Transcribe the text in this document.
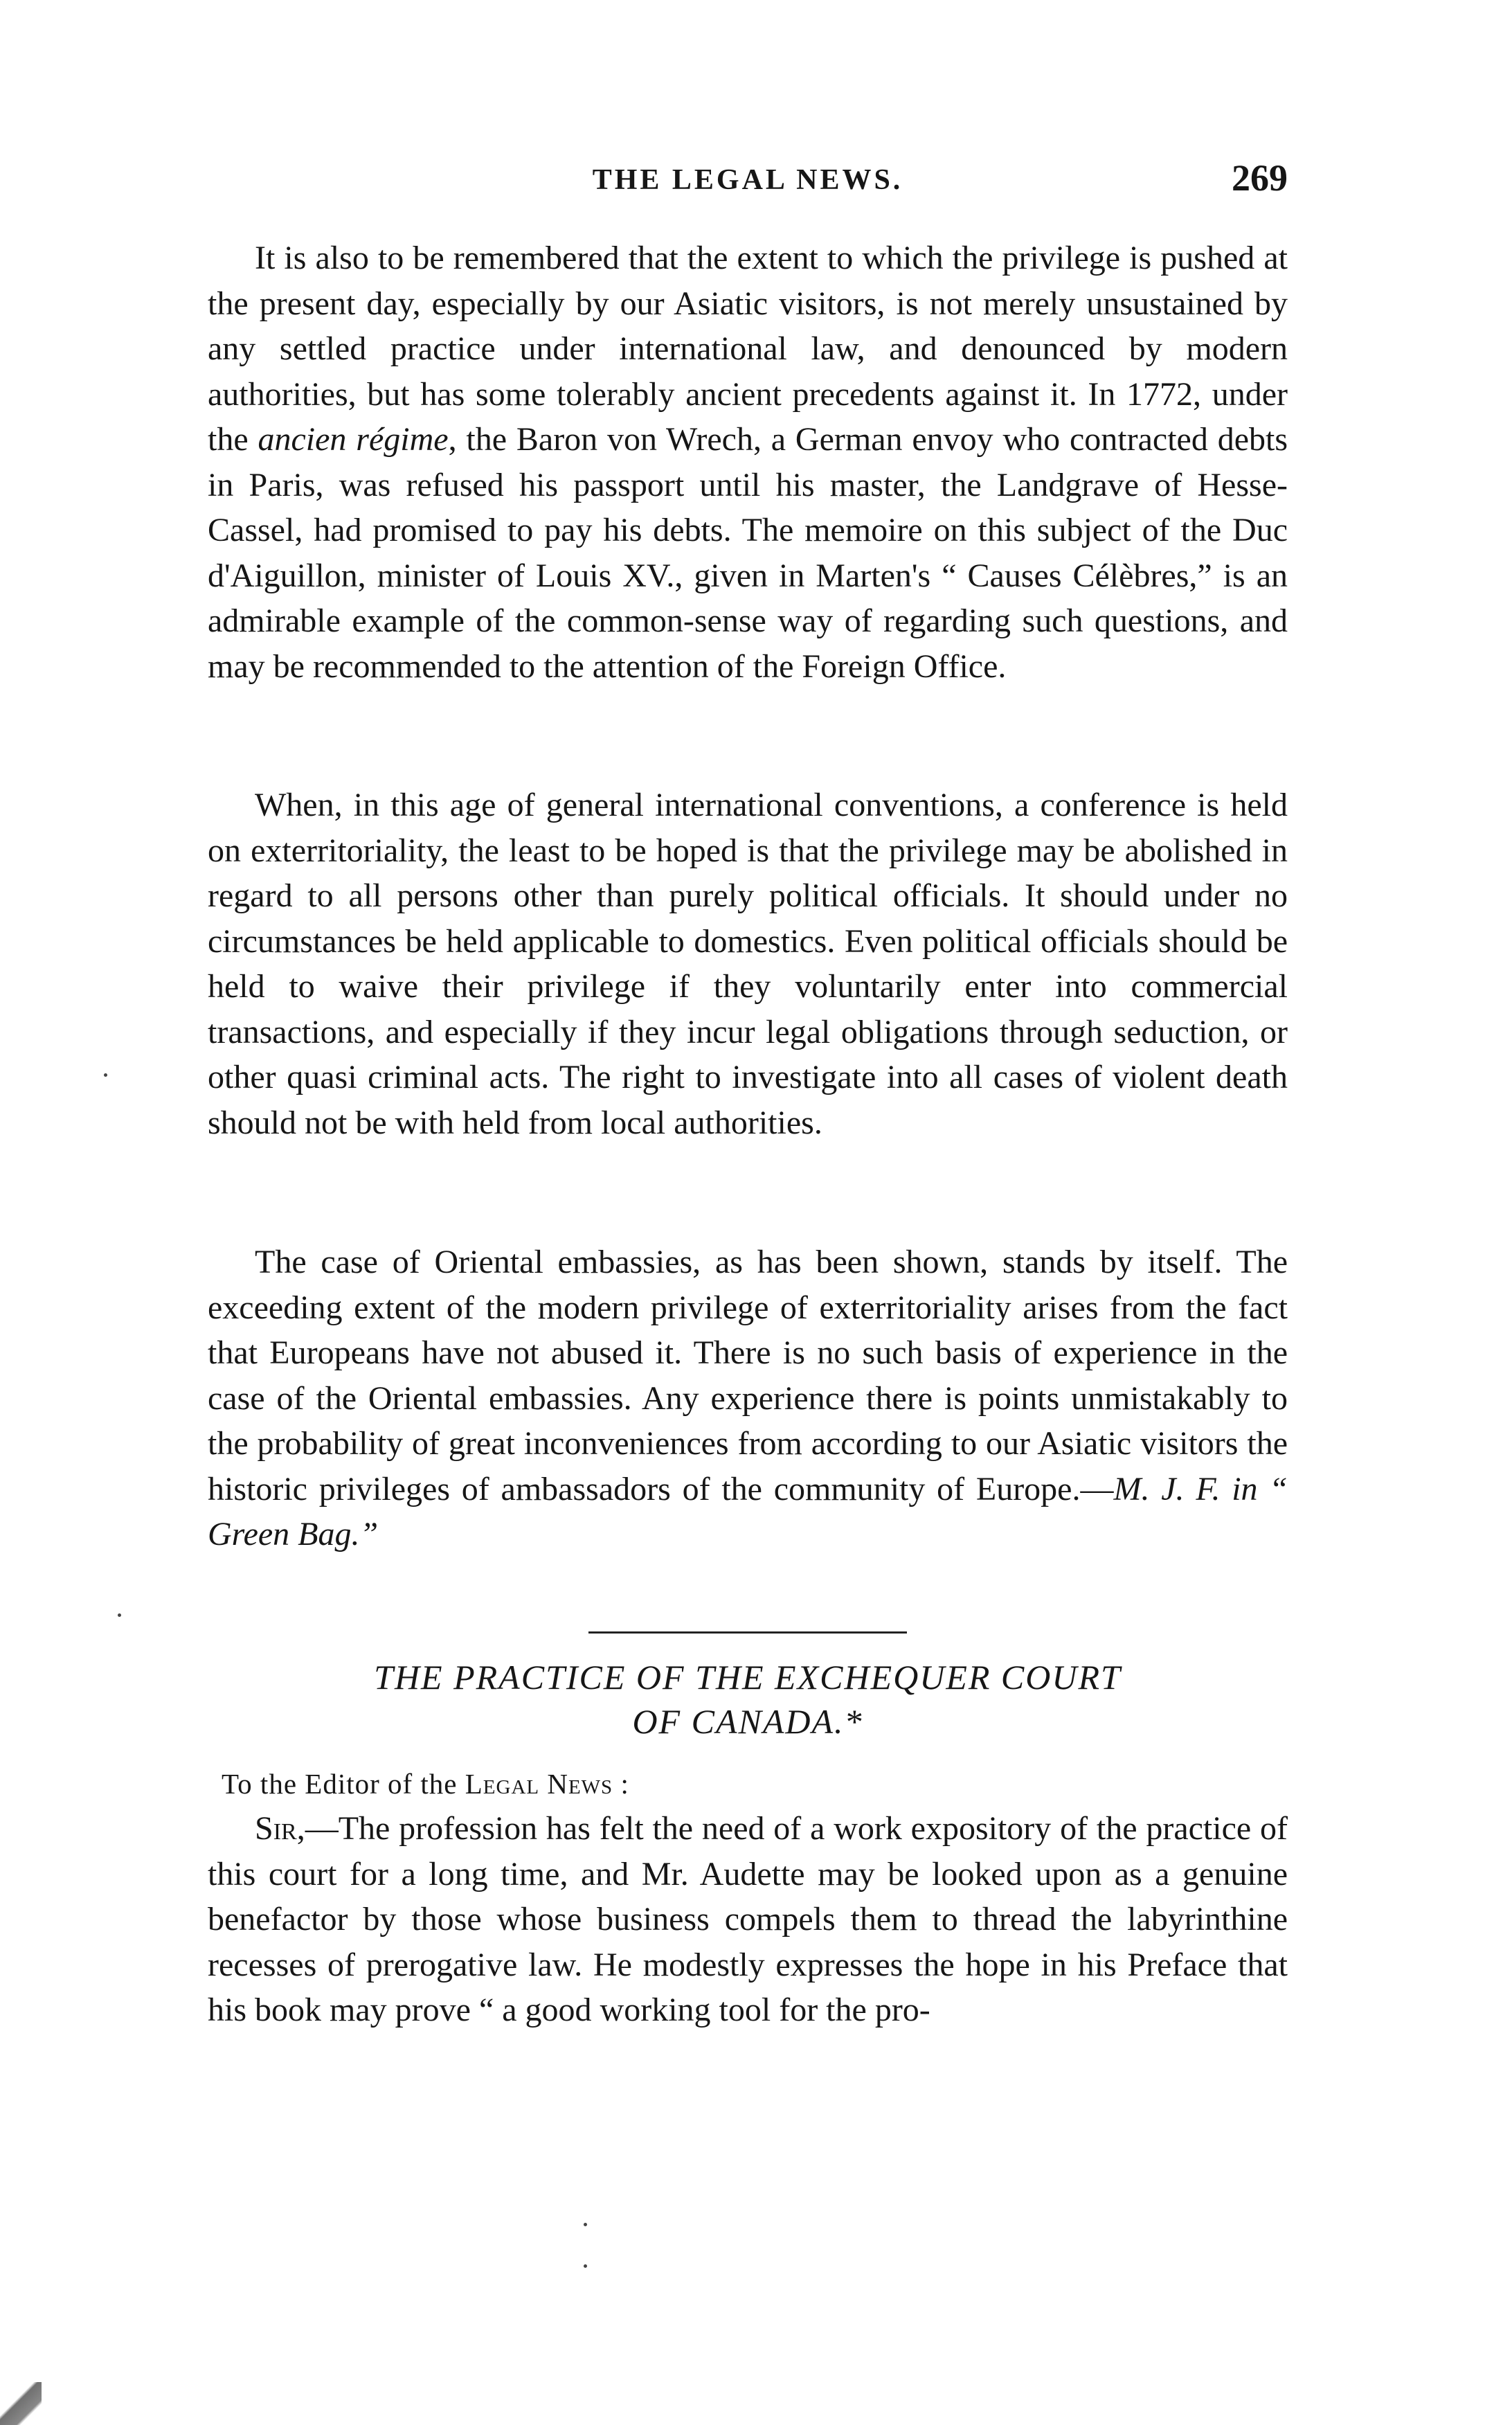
THE LEGAL NEWS.	269

It is also to be remembered that the extent to which the privilege is pushed at the present day, especially by our Asiatic visitors, is not merely unsustained by any settled practice under international law, and denounced by modern authorities, but has some tolerably ancient precedents against it. In 1772, under the ancien régime, the Baron von Wrech, a German envoy who contracted debts in Paris, was refused his passport until his master, the Landgrave of Hesse-Cassel, had promised to pay his debts. The memoire on this subject of the Duc d'Aiguillon, minister of Louis XV., given in Marten's “ Causes Célèbres,” is an admirable example of the common-sense way of regarding such questions, and may be recommended to the attention of the Foreign Office.

When, in this age of general international conventions, a conference is held on exterritoriality, the least to be hoped is that the privilege may be abolished in regard to all persons other than purely political officials. It should under no circumstances be held applicable to domestics. Even political officials should be held to waive their privilege if they voluntarily enter into commercial transactions, and especially if they incur legal obligations through seduction, or other quasi criminal acts. The right to investigate into all cases of violent death should not be with held from local authorities.

The case of Oriental embassies, as has been shown, stands by itself. The exceeding extent of the modern privilege of exterritoriality arises from the fact that Europeans have not abused it. There is no such basis of experience in the case of the Oriental embassies. Any experience there is points unmistakably to the probability of great inconveniences from according to our Asiatic visitors the historic privileges of ambassadors of the community of Europe.—M. J. F. in “ Green Bag.”

THE PRACTICE OF THE EXCHEQUER COURT
OF CANADA.*
To the Editor of the Legal News :

Sir,—The profession has felt the need of a work expository of the practice of this court for a long time, and Mr. Audette may be looked upon as a genuine benefactor by those whose business compels them to thread the labyrinthine recesses of prerogative law. He modestly expresses the hope in his Preface that his book may prove “ a good working tool for the pro-
